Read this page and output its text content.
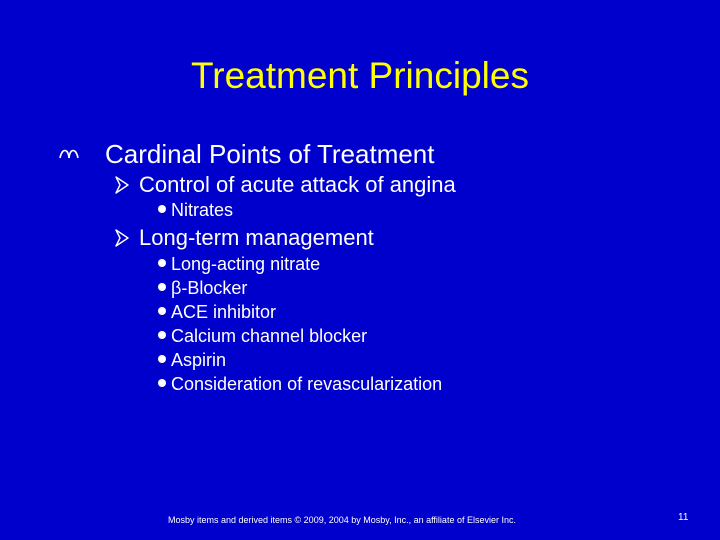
Treatment Principles
Cardinal Points of Treatment
Control of acute attack of angina
Nitrates
Long-term management
Long-acting nitrate
β-Blocker
ACE inhibitor
Calcium channel blocker
Aspirin
Consideration of revascularization
Mosby items and derived items © 2009, 2004 by Mosby, Inc., an affiliate of Elsevier Inc.	11
